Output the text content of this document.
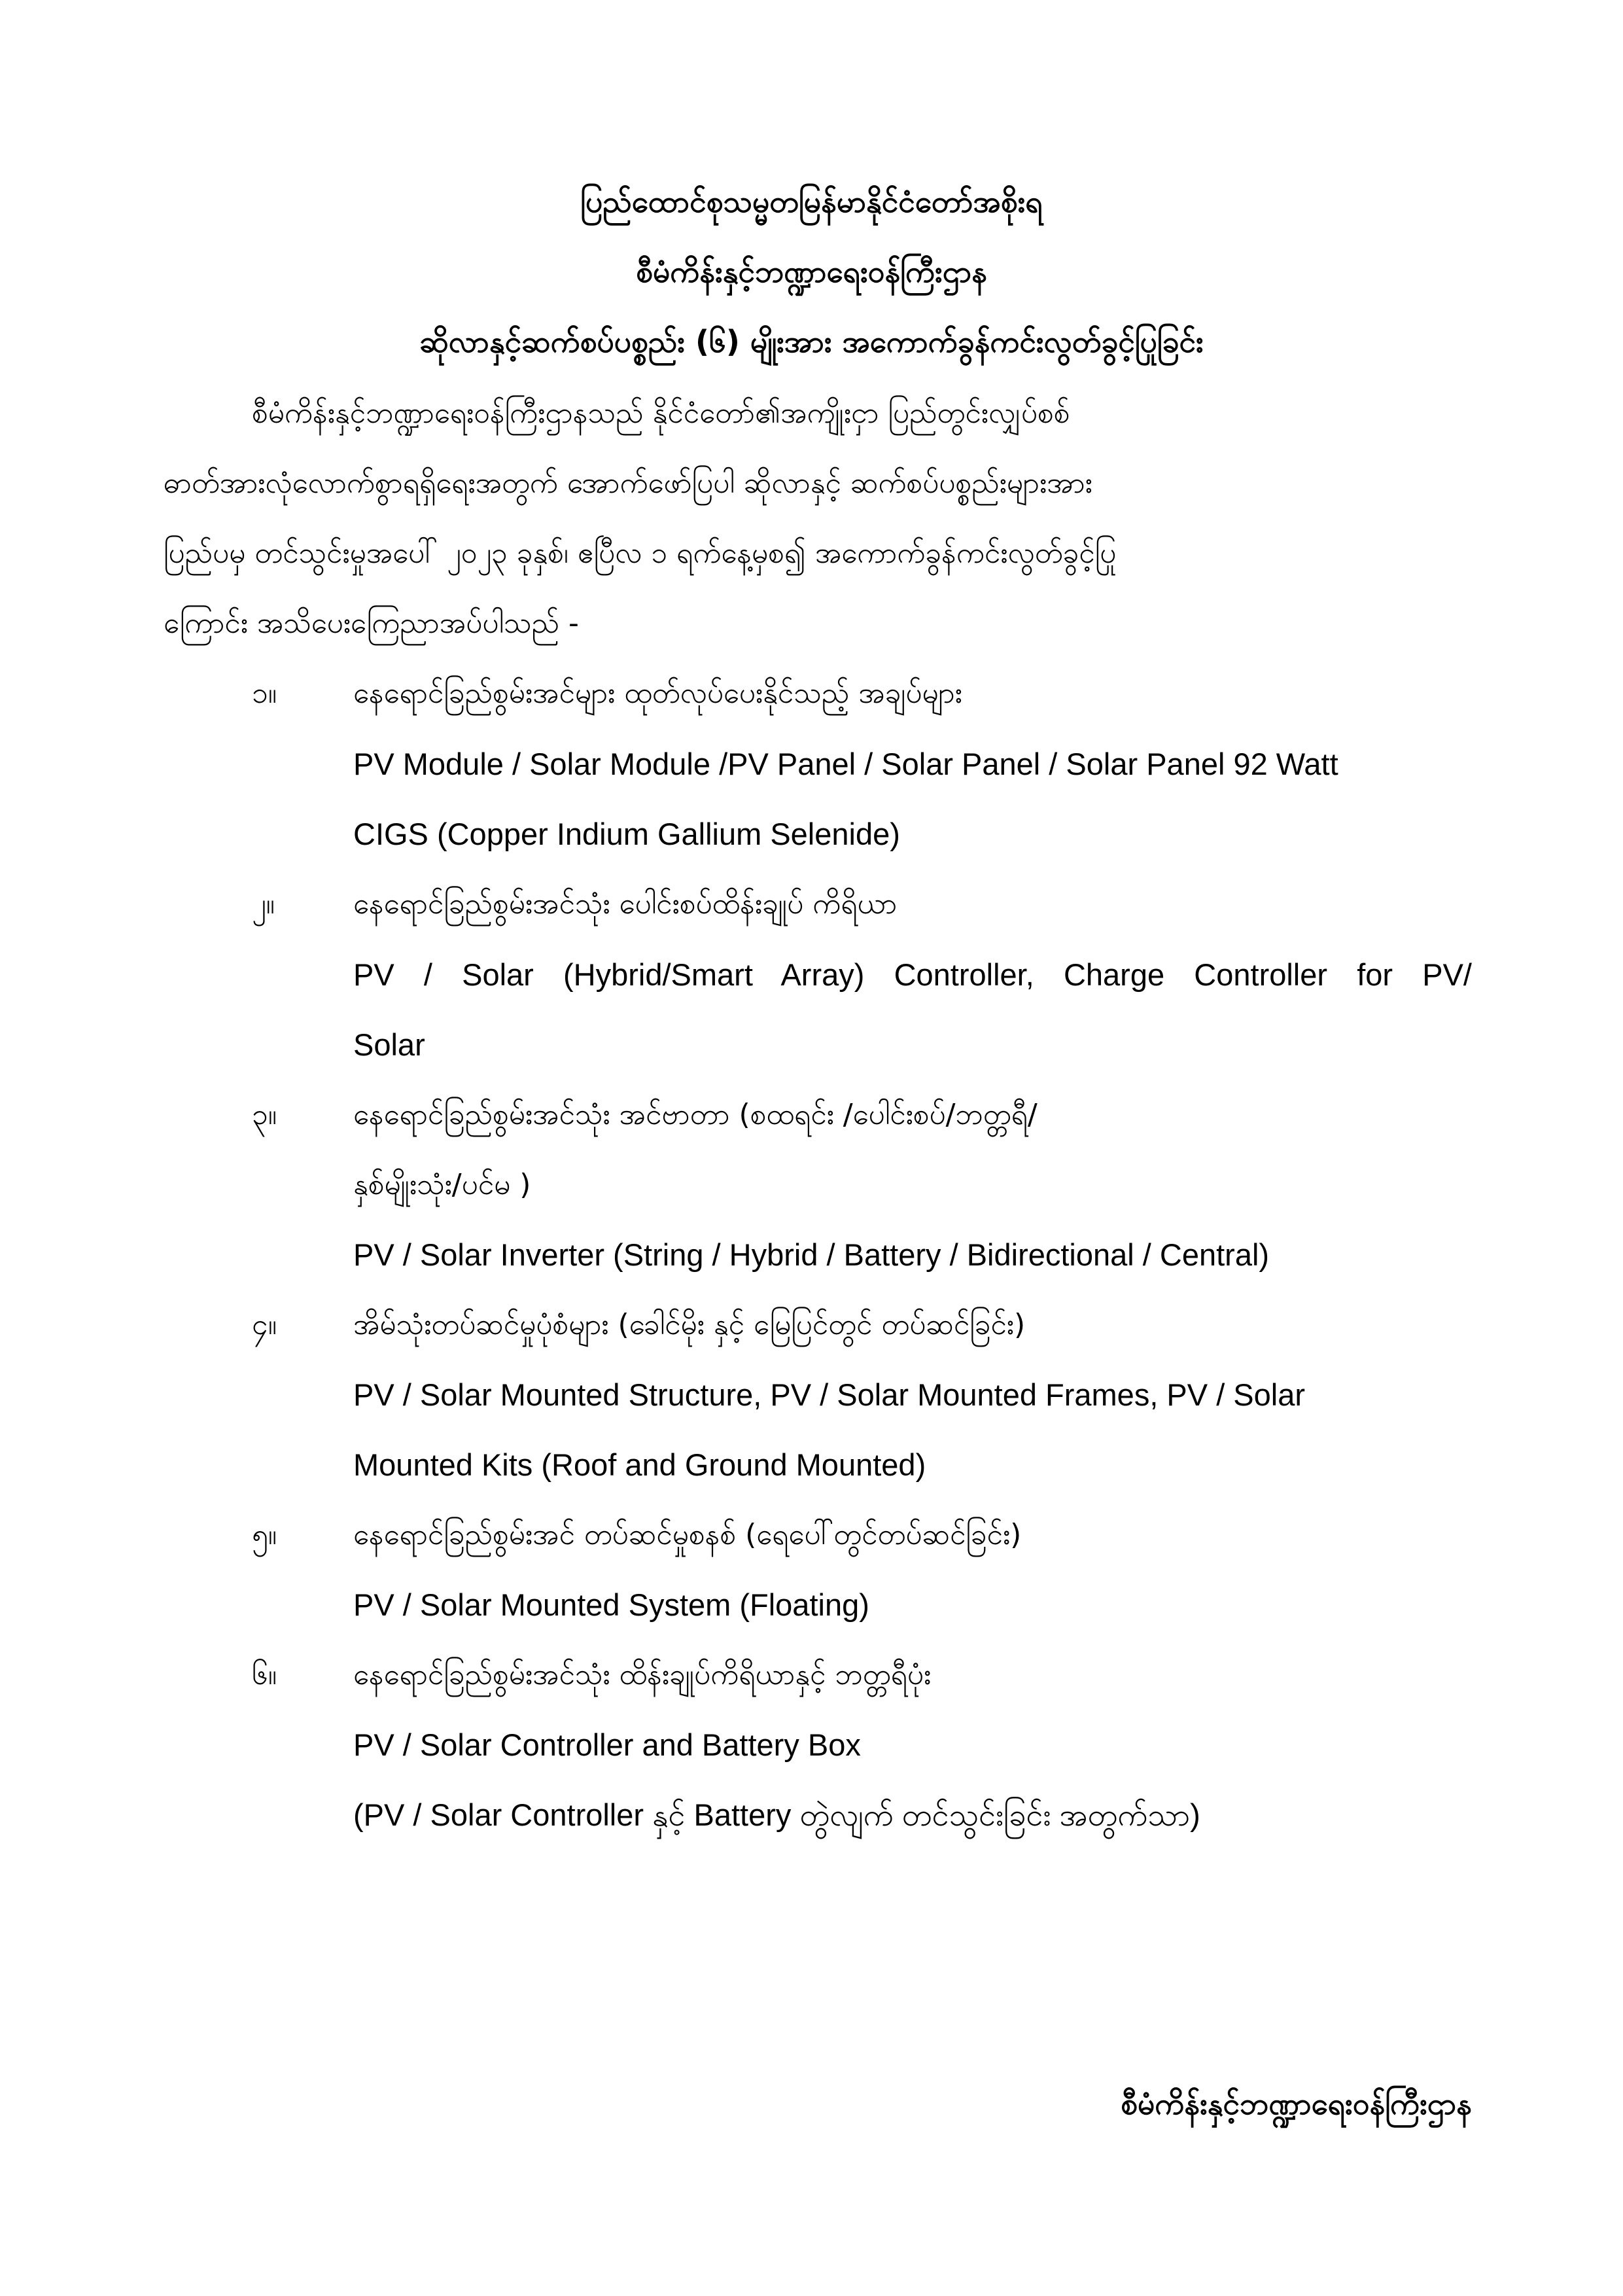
ပြည်ထောင်စုသမ္မတမြန်မာနိုင်ငံတော်အစိုးရ
စီမံကိန်းနှင့်ဘဏ္ဍာရေးဝန်ကြီးဌာန
ဆိုလာနှင့်ဆက်စပ်ပစ္စည်း (၆) မျိုးအား အကောက်ခွန်ကင်းလွတ်ခွင့်ပြုခြင်း
စီမံကိန်းနှင့်ဘဏ္ဍာရေးဝန်ကြီးဌာနသည် နိုင်ငံတော်၏အကျိုးငှာ ပြည်တွင်းလျှပ်စစ်
ဓာတ်အားလုံလောက်စွာရရှိရေးအတွက် အောက်ဖော်ပြပါ ဆိုလာနှင့် ဆက်စပ်ပစ္စည်းများအား
ပြည်ပမှ တင်သွင်းမှုအပေါ် ၂၀၂၃ ခုနှစ်၊ ဧပြီလ ၁ ရက်နေ့မှစ၍ အကောက်ခွန်ကင်းလွတ်ခွင့်ပြု
ကြောင်း အသိပေးကြေညာအပ်ပါသည် -
၁။	နေရောင်ခြည်စွမ်းအင်များ ထုတ်လုပ်ပေးနိုင်သည့် အချပ်များ
PV Module / Solar Module /PV Panel / Solar Panel / Solar Panel 92 Watt
CIGS (Copper Indium Gallium Selenide)
၂။	နေရောင်ခြည်စွမ်းအင်သုံး ပေါင်းစပ်ထိန်းချုပ် ကိရိယာ
PV / Solar (Hybrid/Smart Array) Controller, Charge Controller for PV/
Solar
၃။	နေရောင်ခြည်စွမ်းအင်သုံး အင်ဗာတာ (စထရင်း /ပေါင်းစပ်/ဘတ္တရီ/
နှစ်မျိုးသုံး/ပင်မ )
PV / Solar Inverter (String / Hybrid / Battery / Bidirectional / Central)
၄။	အိမ်သုံးတပ်ဆင်မှုပုံစံများ (ခေါင်မိုး နှင့် မြေပြင်တွင် တပ်ဆင်ခြင်း)
PV / Solar Mounted Structure, PV / Solar Mounted Frames, PV / Solar
Mounted Kits (Roof and Ground Mounted)
၅။	နေရောင်ခြည်စွမ်းအင် တပ်ဆင်မှုစနစ် (ရေပေါ်တွင်တပ်ဆင်ခြင်း)
PV / Solar Mounted System (Floating)
၆။	နေရောင်ခြည်စွမ်းအင်သုံး ထိန်းချုပ်ကိရိယာနှင့် ဘတ္တရီပုံး
PV / Solar Controller and Battery Box
(PV / Solar Controller နှင့် Battery တွဲလျက် တင်သွင်းခြင်း အတွက်သာ)
စီမံကိန်းနှင့်ဘဏ္ဍာရေးဝန်ကြီးဌာန
